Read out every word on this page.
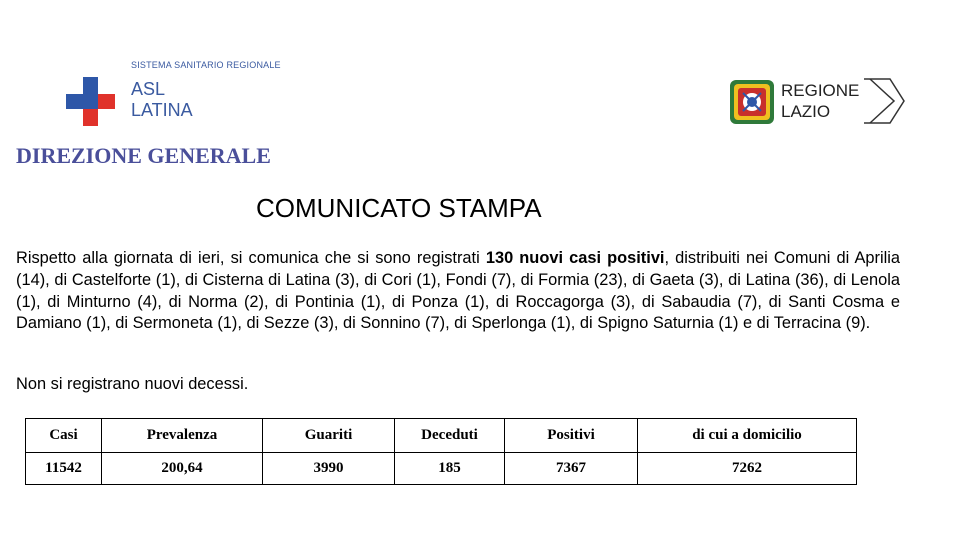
SISTEMA SANITARIO REGIONALE
ASL
LATINA
REGIONE
LAZIO
DIREZIONE GENERALE
COMUNICATO STAMPA
Rispetto alla giornata di ieri, si comunica che si sono registrati 130 nuovi casi positivi, distribuiti nei Comuni di Aprilia (14), di Castelforte (1), di Cisterna di Latina (3), di Cori (1), Fondi (7), di Formia (23), di Gaeta (3), di Latina (36), di Lenola (1), di Minturno (4), di Norma (2), di Pontinia (1), di Ponza (1), di Roccagorga (3), di Sabaudia (7), di Santi Cosma e Damiano (1), di Sermoneta (1), di Sezze (3), di Sonnino (7), di Sperlonga (1), di Spigno Saturnia (1) e di Terracina (9).
Non si registrano nuovi decessi.
Casi	Prevalenza	Guariti	Deceduti	Positivi	di cui a domicilio
11542	200,64	3990	185	7367	7262
